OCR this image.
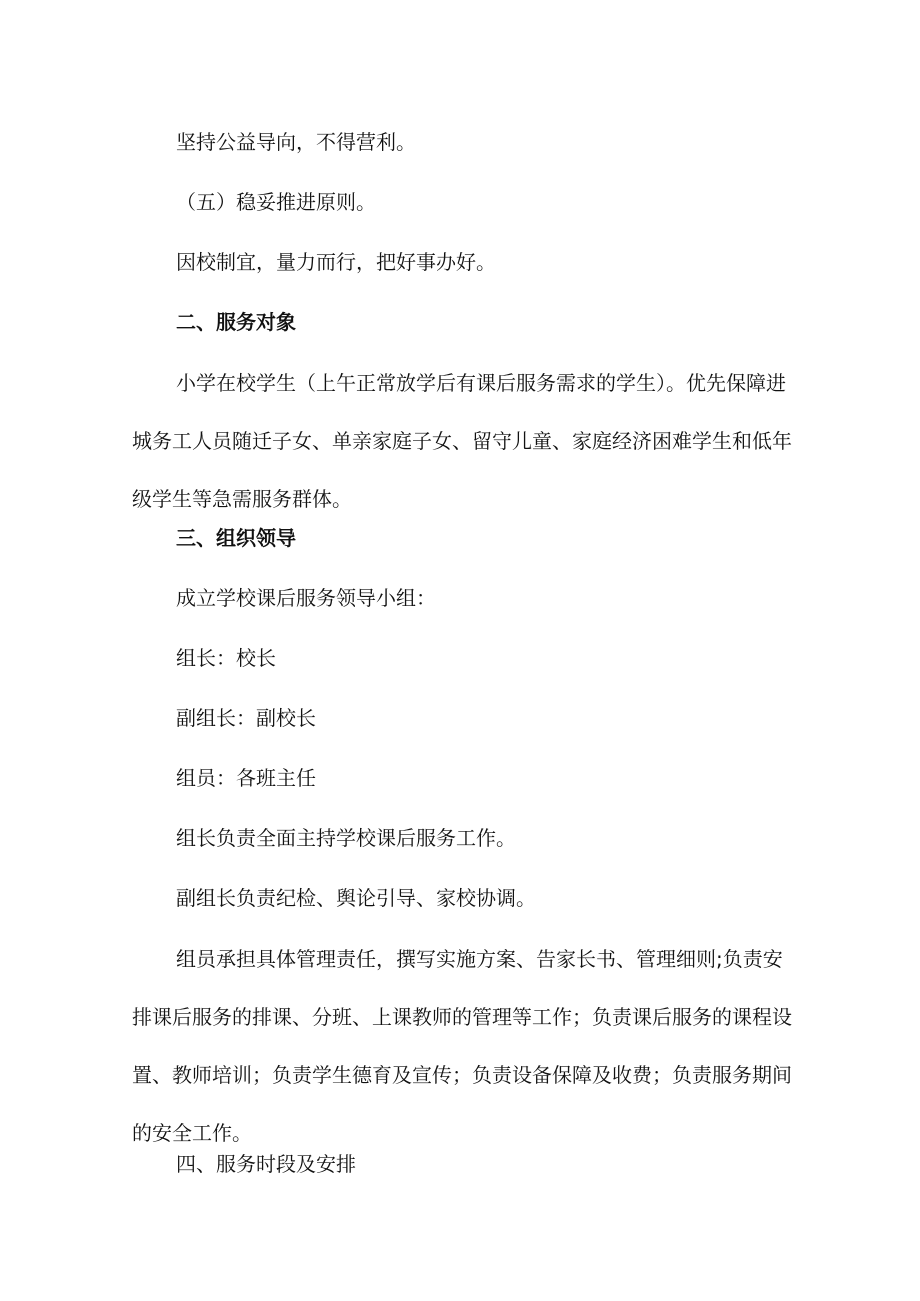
坚持公益导向，不得营利。

（五）稳妥推进原则。

因校制宜，量力而行，把好事办好。

二、服务对象

小学在校学生（上午正常放学后有课后服务需求的学生）。优先保障进
城务工人员随迁子女、单亲家庭子女、留守儿童、家庭经济困难学生和低年
级学生等急需服务群体。

三、组织领导

成立学校课后服务领导小组：

组长：校长

副组长：副校长

组员：各班主任

组长负责全面主持学校课后服务工作。

副组长负责纪检、舆论引导、家校协调。

组员承担具体管理责任，撰写实施方案、告家长书、管理细则;负责安
排课后服务的排课、分班、上课教师的管理等工作；负责课后服务的课程设
置、教师培训；负责学生德育及宣传；负责设备保障及收费；负责服务期间
的安全工作。

四、服务时段及安排
